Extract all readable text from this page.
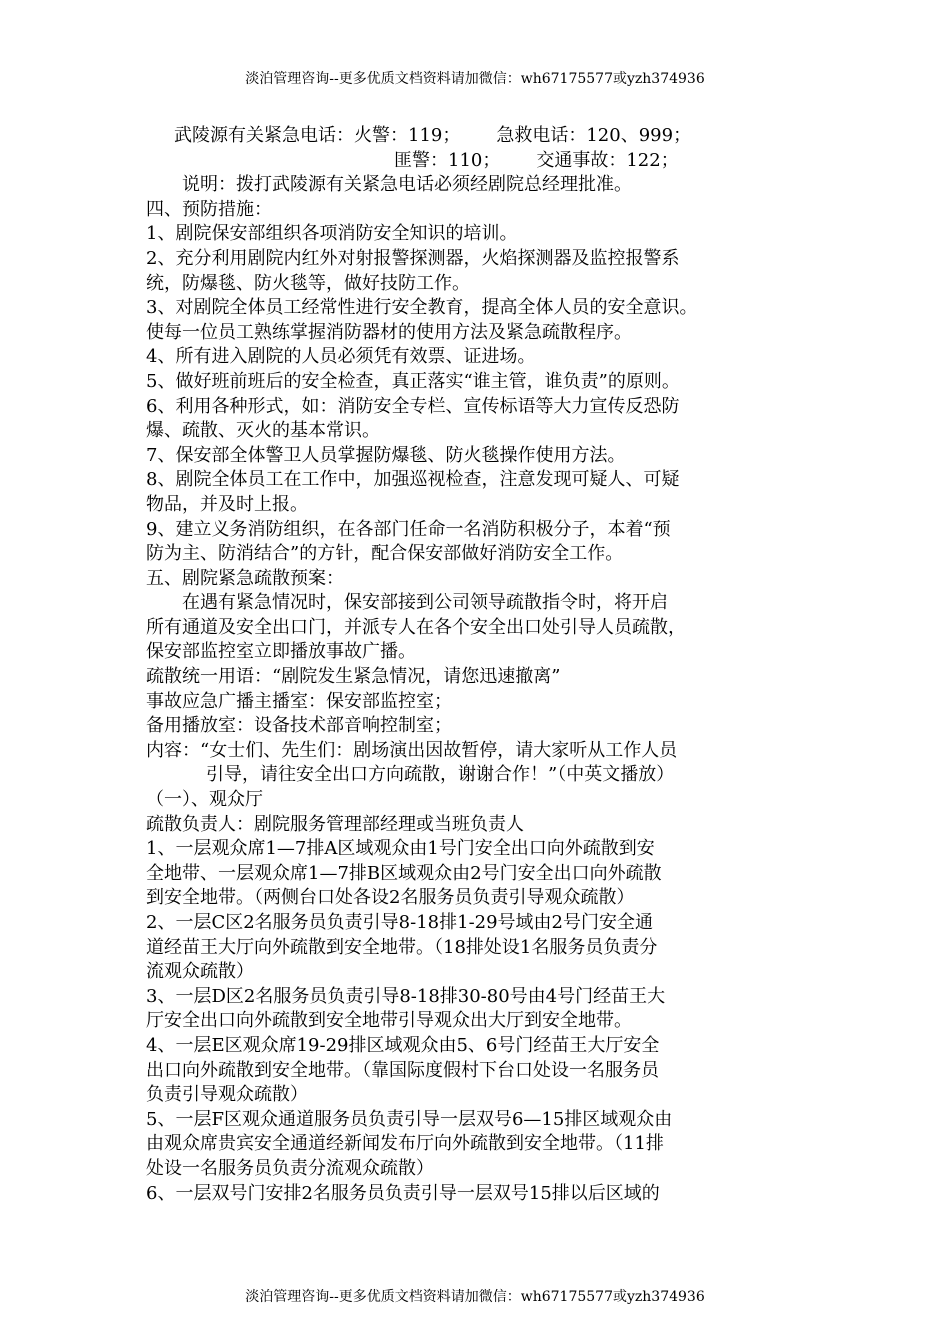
淡泊管理咨询--更多优质文档资料请加微信：wh67175577或yzh374936
武陵源有关紧急电话：火警：119； 急救电话：120、999；
匪警：110； 交通事故：122；
说明：拨打武陵源有关紧急电话必须经剧院总经理批准。
四、预防措施：
1、剧院保安部组织各项消防安全知识的培训。
2、充分利用剧院内红外对射报警探测器，火焰探测器及监控报警系
统，防爆毯、防火毯等，做好技防工作。
3、对剧院全体员工经常性进行安全教育，提高全体人员的安全意识。
使每一位员工熟练掌握消防器材的使用方法及紧急疏散程序。
4、所有进入剧院的人员必须凭有效票、证进场。
5、做好班前班后的安全检查，真正落实“谁主管，谁负责”的原则。
6、利用各种形式，如：消防安全专栏、宣传标语等大力宣传反恐防
爆、疏散、灭火的基本常识。
7、保安部全体警卫人员掌握防爆毯、防火毯操作使用方法。
8、剧院全体员工在工作中，加强巡视检查，注意发现可疑人、可疑
物品，并及时上报。
9、建立义务消防组织，在各部门任命一名消防积极分子，本着“预
防为主、防消结合”的方针，配合保安部做好消防安全工作。
五、剧院紧急疏散预案：
在遇有紧急情况时，保安部接到公司领导疏散指令时，将开启
所有通道及安全出口门，并派专人在各个安全出口处引导人员疏散，
保安部监控室立即播放事故广播。
疏散统一用语：“剧院发生紧急情况，请您迅速撤离”
事故应急广播主播室：保安部监控室；
备用播放室：设备技术部音响控制室；
内容：“女士们、先生们：剧场演出因故暂停，请大家听从工作人员
引导，请往安全出口方向疏散，谢谢合作！”（中英文播放）
（一）、观众厅
疏散负责人：剧院服务管理部经理或当班负责人
1、一层观众席1—7排A区域观众由1号门安全出口向外疏散到安
全地带、一层观众席1—7排B区域观众由2号门安全出口向外疏散
到安全地带。（两侧台口处各设2名服务员负责引导观众疏散）
2、一层C区2名服务员负责引导8-18排1-29号域由2号门安全通
道经苗王大厅向外疏散到安全地带。（18排处设1名服务员负责分
流观众疏散）
3、一层D区2名服务员负责引导8-18排30-80号由4号门经苗王大
厅安全出口向外疏散到安全地带引导观众出大厅到安全地带。
4、一层E区观众席19-29排区域观众由5、6号门经苗王大厅安全
出口向外疏散到安全地带。（靠国际度假村下台口处设一名服务员
负责引导观众疏散）
5、一层F区观众通道服务员负责引导一层双号6—15排区域观众由
由观众席贵宾安全通道经新闻发布厅向外疏散到安全地带。（11排
处设一名服务员负责分流观众疏散）
6、一层双号门安排2名服务员负责引导一层双号15排以后区域的
淡泊管理咨询--更多优质文档资料请加微信：wh67175577或yzh374936
